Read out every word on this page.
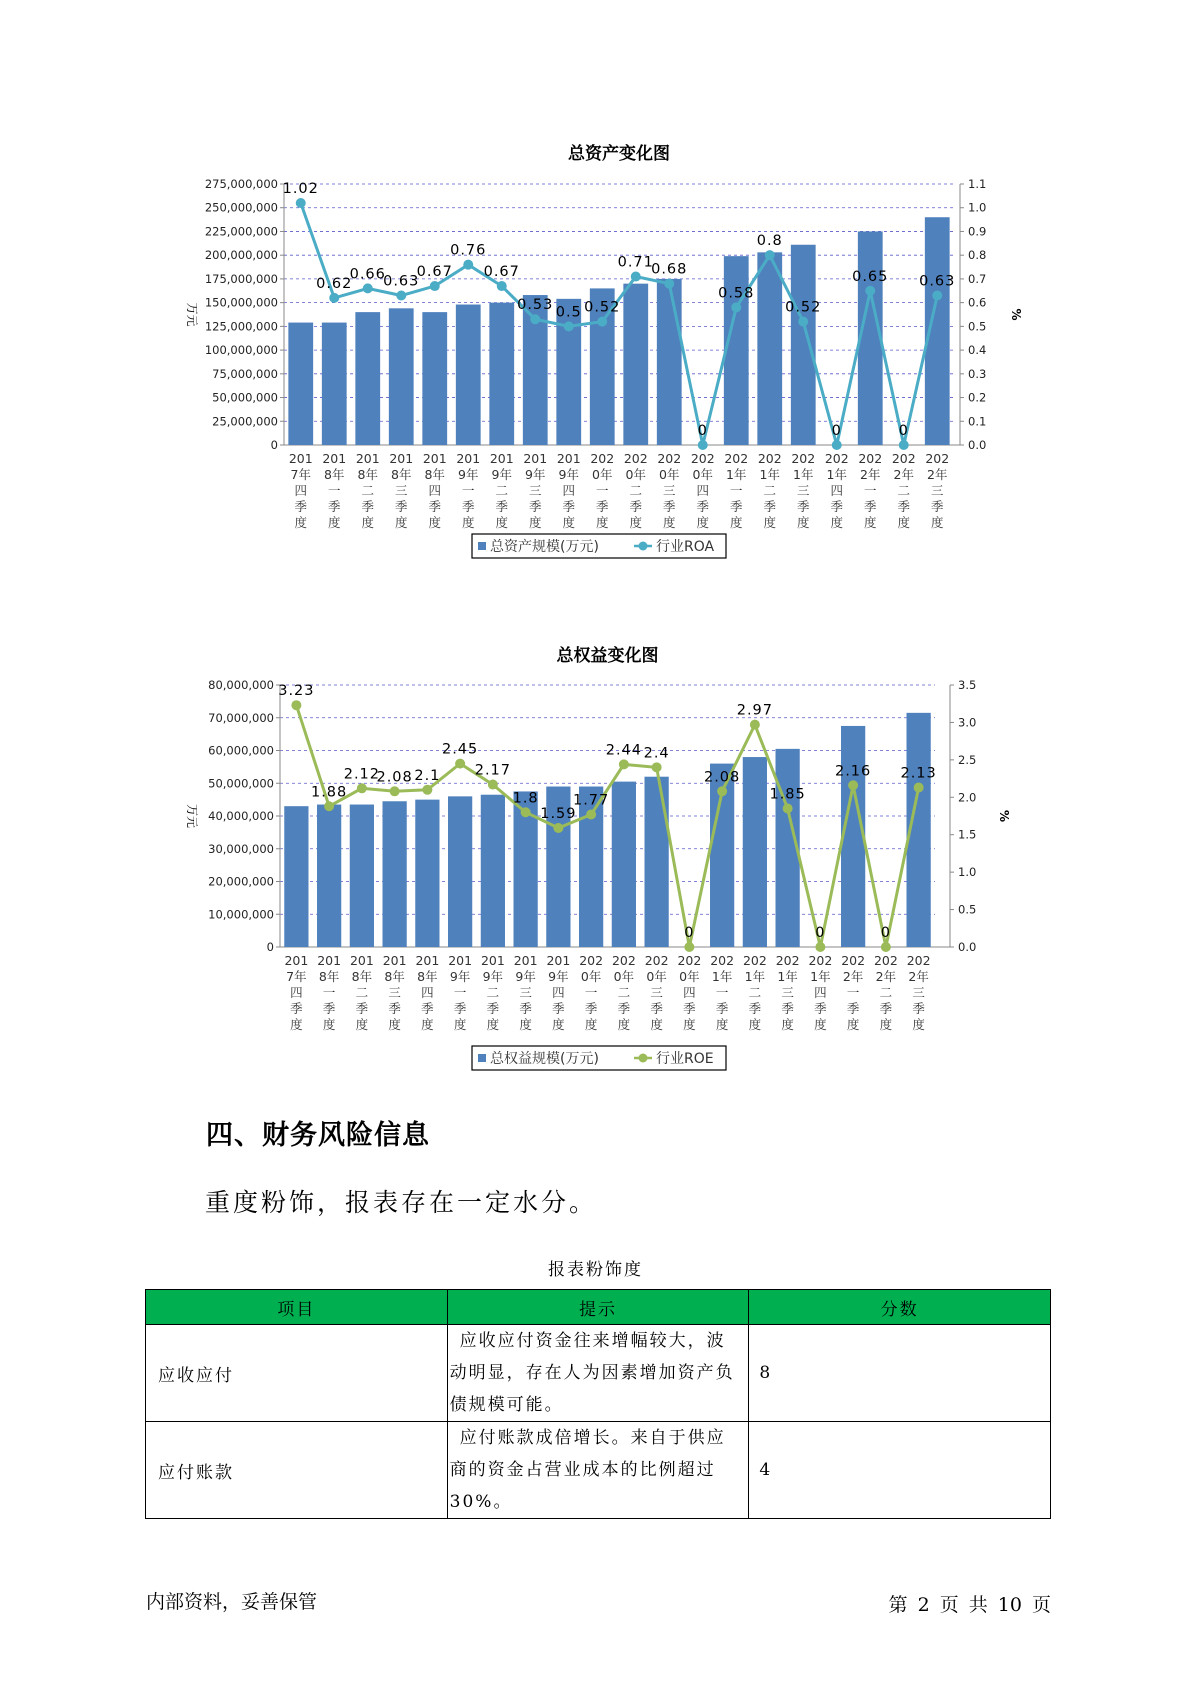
总资产变化图
275,000,000
250,000,000
225,000,000
200,000,000
175,000,000
150,000,000
125,000,000
100,000,000
75,000,000
50,000,000
25,000,000
0
1.1
1.0
0.9
0.8
0.7
0.6
0.5
0.4
0.3
0.2
0.1
0.0
万元	%
201 7年四季度
201 8年一季度
201 8年二季度
201 8年三季度
201 8年四季度
201 9年一季度
201 9年二季度
201 9年三季度
201 9年四季度
202 0年一季度
202 0年二季度
202 0年三季度
202 0年四季度
202 1年一季度
202 1年二季度
202 1年三季度
202 1年四季度
202 2年一季度
202 2年二季度
202 2年三季度
1.02
0.62
0.66
0.63
0.67
0.76
0.67
0.53 0.5 0.52
0.71
0.68
0
0.58
0.8
0.52
0
0.65
0
0.63
总资产规模(万元)	行业ROA
总权益变化图
80,000,000
70,000,000
60,000,000
50,000,000
40,000,000
30,000,000
20,000,000
10,000,000
0
3.5
3.0
2.5
2.0
1.5
1.0
0.5
0.0
万元	%
201 7年四季度
201 8年一季度
201 8年二季度
201 8年三季度
201 8年四季度
201 9年一季度
201 9年二季度
201 9年三季度
201 9年四季度
202 0年一季度
202 0年二季度
202 0年三季度
202 0年四季度
202 1年一季度
202 1年二季度
202 1年三季度
202 1年四季度
202 2年一季度
202 2年二季度
202 2年三季度
3.23
1.88
2.12
2.08 2.1
2.45
2.17
1.8
1.59
1.77
2.44 2.4
0
2.08
2.97
1.85
0
2.16
0
2.13
总权益规模(万元)	行业ROE
四、财务风险信息

重度粉饰，报表存在一定水分。

报表粉饰度
项目	提示	分数
应收应付	应收应付资金往来增幅较大，波
动明显，存在人为因素增加资产负
债规模可能。	8
应付账款	应付账款成倍增长。来自于供应
商的资金占营业成本的比例超过
30%。	4
内部资料，妥善保管	第 2 页 共 10 页
